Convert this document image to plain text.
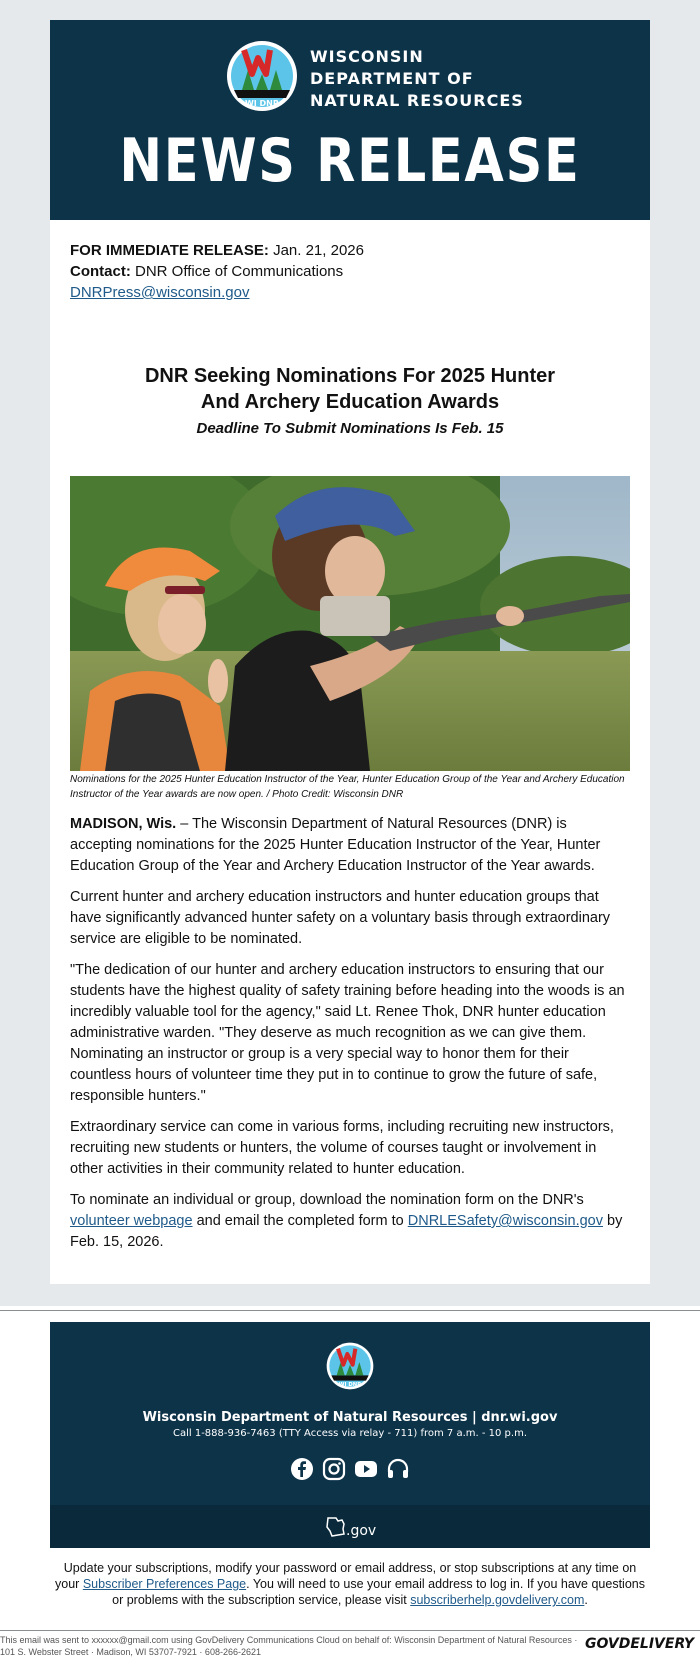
WI DNR
WISCONSIN
DEPARTMENT OF
NATURAL RESOURCES
NEWS RELEASE
FOR IMMEDIATE RELEASE: Jan. 21, 2026
Contact: DNR Office of Communications
DNRPress@wisconsin.gov
DNR Seeking Nominations For 2025 Hunter
And Archery Education Awards
Deadline To Submit Nominations Is Feb. 15
Nominations for the 2025 Hunter Education Instructor of the Year, Hunter Education Group of the Year and Archery Education Instructor of the Year awards are now open. / Photo Credit: Wisconsin DNR

MADISON, Wis. – The Wisconsin Department of Natural Resources (DNR) is accepting nominations for the 2025 Hunter Education Instructor of the Year, Hunter Education Group of the Year and Archery Education Instructor of the Year awards.

Current hunter and archery education instructors and hunter education groups that have significantly advanced hunter safety on a voluntary basis through extraordinary service are eligible to be nominated.

"The dedication of our hunter and archery education instructors to ensuring that our students have the highest quality of safety training before heading into the woods is an incredibly valuable tool for the agency," said Lt. Renee Thok, DNR hunter education administrative warden. "They deserve as much recognition as we can give them. Nominating an instructor or group is a very special way to honor them for their countless hours of volunteer time they put in to continue to grow the future of safe, responsible hunters."

Extraordinary service can come in various forms, including recruiting new instructors, recruiting new students or hunters, the volume of courses taught or involvement in other activities in their community related to hunter education.

To nominate an individual or group, download the nomination form on the DNR's volunteer webpage and email the completed form to DNRLESafety@wisconsin.gov by Feb. 15, 2026.

WI DNR
Wisconsin Department of Natural Resources | dnr.wi.gov
Call 1-888-936-7463 (TTY Access via relay - 711) from 7 a.m. - 10 p.m.
.gov
Update your subscriptions, modify your password or email address, or stop subscriptions at any time on your Subscriber Preferences Page. You will need to use your email address to log in. If you have questions or problems with the subscription service, please visit subscriberhelp.govdelivery.com.
This email was sent to xxxxxx@gmail.com using GovDelivery Communications Cloud on behalf of: Wisconsin Department of Natural Resources · 101 S. Webster Street · Madison, WI 53707-7921 · 608-266-2621	GOVDELIVERY
